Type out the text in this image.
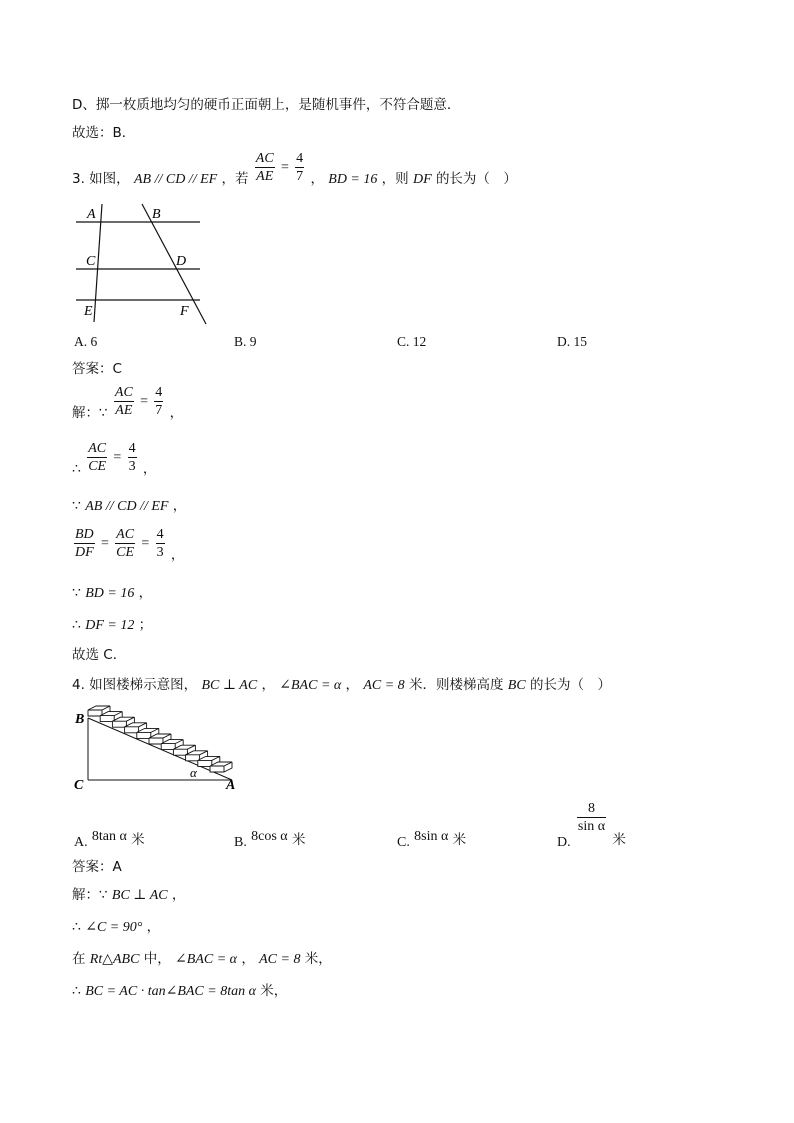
D、掷一枚质地均匀的硬币正面朝上，是随机事件，不符合题意．
故选：B．
3. 如图， AB // CD // EF ，若 $\frac{AC}{AE} = \frac{4}{7}$ ， BD = 16 ，则 DF 的长为（　）
A	B
C	D
E	F
A. 6	B. 9	C. 12	D. 15
答案：C
解：∵ $\frac{AC}{AE} = \frac{4}{7}$ ，
∴ $\frac{AC}{CE} = \frac{4}{3}$ ，
∵ AB // CD // EF ，
$\frac{BD}{DF} = \frac{AC}{CE} = \frac{4}{3}$ ，
∵ BD = 16 ，
∴ DF = 12 ；
故选 C．
4. 如图楼梯示意图， BC ⊥ AC ， ∠BAC = α ， AC = 8 米．则楼梯高度 BC 的长为（　）
B
C	A
α
A. 8tan α 米	B. 8cos α 米	C. 8sin α 米	D.
$\frac{8}{\text{sin α}}$
米
答案：A
解：∵ BC ⊥ AC ，
∴ ∠C = 90° ，
在 Rt△ABC 中， ∠BAC = α ， AC = 8 米，
∴ BC = AC · tan∠BAC = 8tan α 米，
